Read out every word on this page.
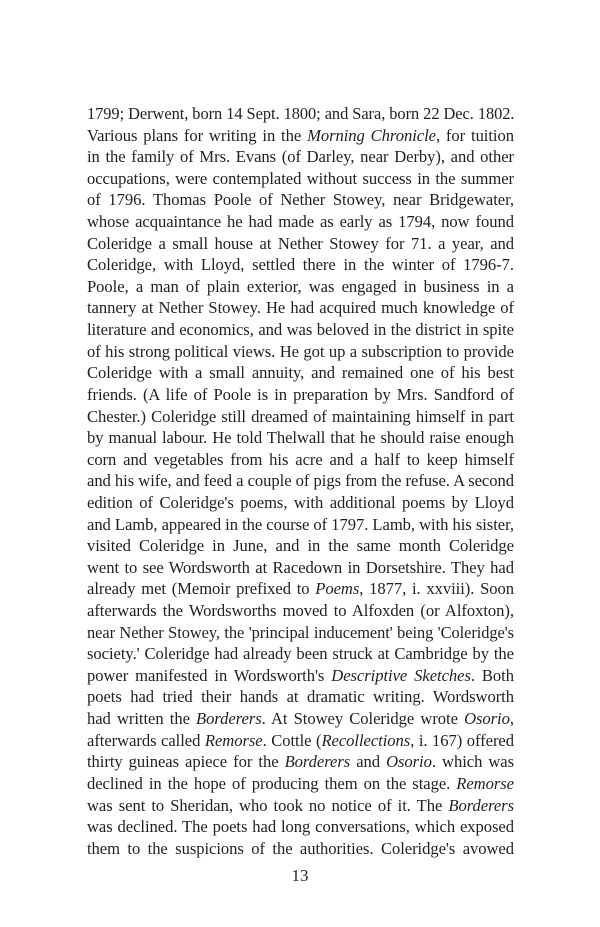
1799; Derwent, born 14 Sept. 1800; and Sara, born 22 Dec. 1802.
Various plans for writing in the Morning Chronicle, for tuition
in the family of Mrs. Evans (of Darley, near Derby), and other
occupations, were contemplated without success in the summer
of 1796. Thomas Poole of Nether Stowey, near Bridgewater,
whose acquaintance he had made as early as 1794, now found
Coleridge a small house at Nether Stowey for 71. a year, and
Coleridge, with Lloyd, settled there in the winter of 1796-7.
Poole, a man of plain exterior, was engaged in business in a
tannery at Nether Stowey. He had acquired much knowledge of
literature and economics, and was beloved in the district in spite
of his strong political views. He got up a subscription to provide
Coleridge with a small annuity, and remained one of his best
friends. (A life of Poole is in preparation by Mrs. Sandford of
Chester.) Coleridge still dreamed of maintaining himself in part
by manual labour. He told Thelwall that he should raise enough
corn and vegetables from his acre and a half to keep himself
and his wife, and feed a couple of pigs from the refuse. A second
edition of Coleridge's poems, with additional poems by Lloyd
and Lamb, appeared in the course of 1797. Lamb, with his sister,
visited Coleridge in June, and in the same month Coleridge
went to see Wordsworth at Racedown in Dorsetshire. They had
already met (Memoir prefixed to Poems, 1877, i. xxviii). Soon
afterwards the Wordsworths moved to Alfoxden (or Alfoxton),
near Nether Stowey, the 'principal inducement' being 'Coleridge's
society.' Coleridge had already been struck at Cambridge by the
power manifested in Wordsworth's Descriptive Sketches. Both
poets had tried their hands at dramatic writing. Wordsworth
had written the Borderers. At Stowey Coleridge wrote Osorio,
afterwards called Remorse. Cottle (Recollections, i. 167) offered
thirty guineas apiece for the Borderers and Osorio. which was
declined in the hope of producing them on the stage. Remorse
was sent to Sheridan, who took no notice of it. The Borderers
was declined. The poets had long conversations, which exposed
them to the suspicions of the authorities. Coleridge's avowed

13
